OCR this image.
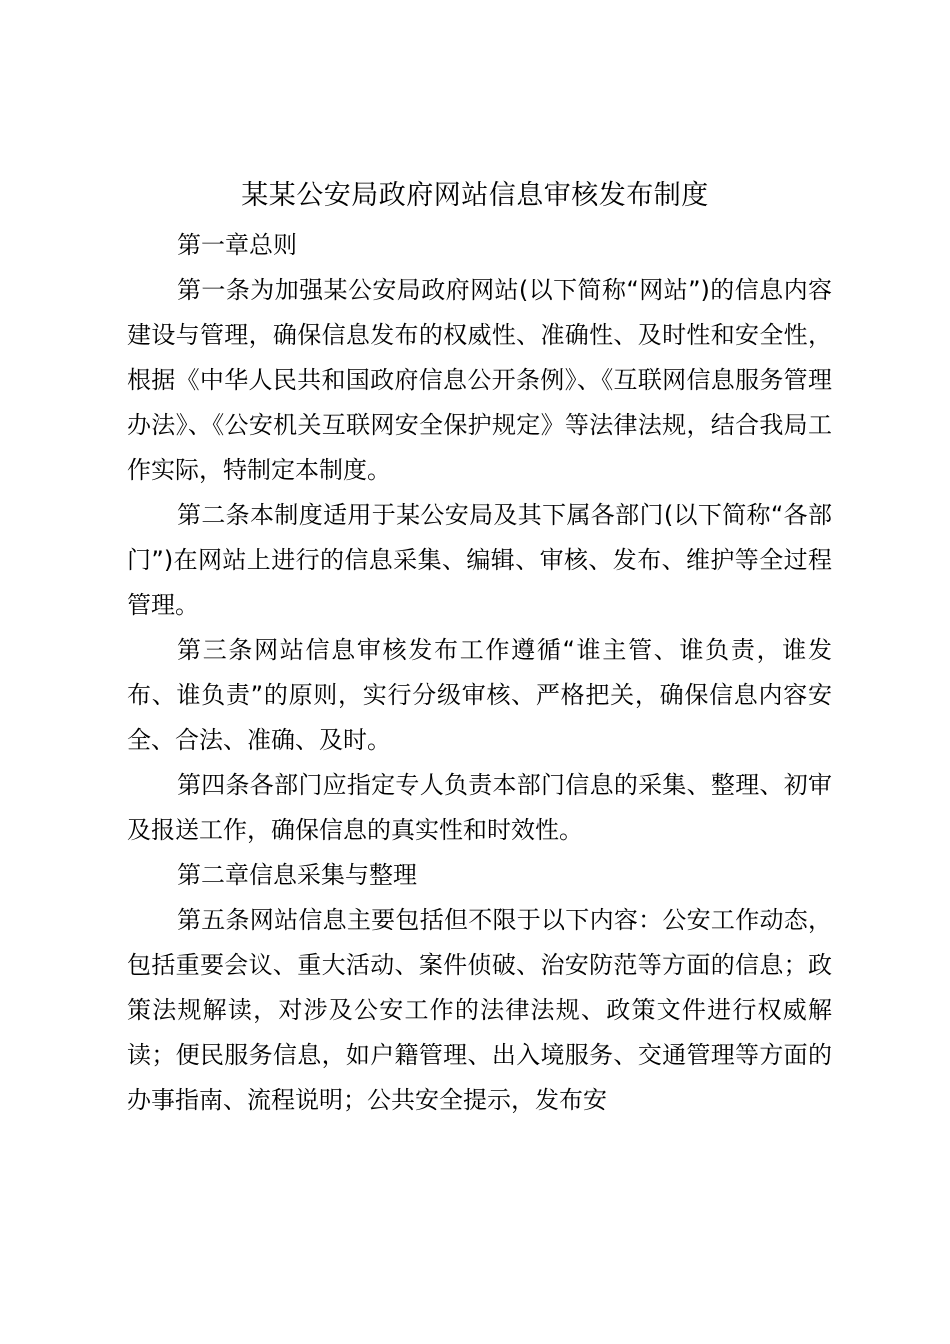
某某公安局政府网站信息审核发布制度

第一章总则

第一条为加强某公安局政府网站(以下简称“网站”)的信息内容建设与管理，确保信息发布的权威性、准确性、及时性和安全性，根据《中华人民共和国政府信息公开条例》、《互联网信息服务管理办法》、《公安机关互联网安全保护规定》等法律法规，结合我局工作实际，特制定本制度。

第二条本制度适用于某公安局及其下属各部门(以下简称“各部门”)在网站上进行的信息采集、编辑、审核、发布、维护等全过程管理。

第三条网站信息审核发布工作遵循“谁主管、谁负责，谁发布、谁负责”的原则，实行分级审核、严格把关，确保信息内容安全、合法、准确、及时。

第四条各部门应指定专人负责本部门信息的采集、整理、初审及报送工作，确保信息的真实性和时效性。

第二章信息采集与整理

第五条网站信息主要包括但不限于以下内容：公安工作动态，包括重要会议、重大活动、案件侦破、治安防范等方面的信息；政策法规解读，对涉及公安工作的法律法规、政策文件进行权威解读；便民服务信息，如户籍管理、出入境服务、交通管理等方面的办事指南、流程说明；公共安全提示，发布安
